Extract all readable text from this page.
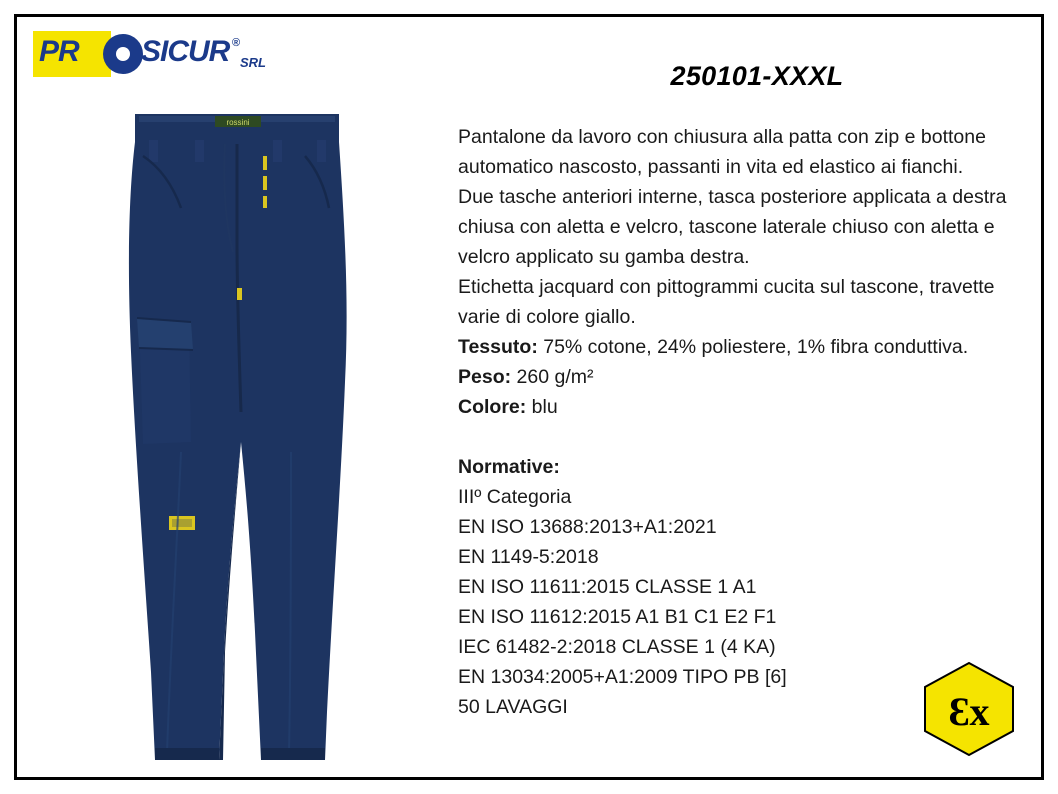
PR SICUR ®
SRL	250101-XXXL
rossini

Pantalone da lavoro con chiusura alla patta con zip e bottone automatico nascosto, passanti in vita ed elastico ai fianchi.

Due tasche anteriori interne, tasca posteriore applicata a destra chiusa con aletta e velcro, tascone laterale chiuso con aletta e velcro applicato su gamba destra.

Etichetta jacquard con pittogrammi cucita sul tascone, travette varie di colore giallo.

Tessuto: 75% cotone, 24% poliestere, 1% fibra conduttiva.

Peso: 260 g/m²

Colore: blu

Normative:

IIIº Categoria

EN ISO 13688:2013+A1:2021

EN 1149-5:2018

EN ISO 11611:2015 CLASSE 1 A1

EN ISO 11612:2015 A1 B1 C1 E2 F1

IEC 61482-2:2018 CLASSE 1 (4 KA)

EN 13034:2005+A1:2009 TIPO PB [6]

50 LAVAGGI	Ɛx
